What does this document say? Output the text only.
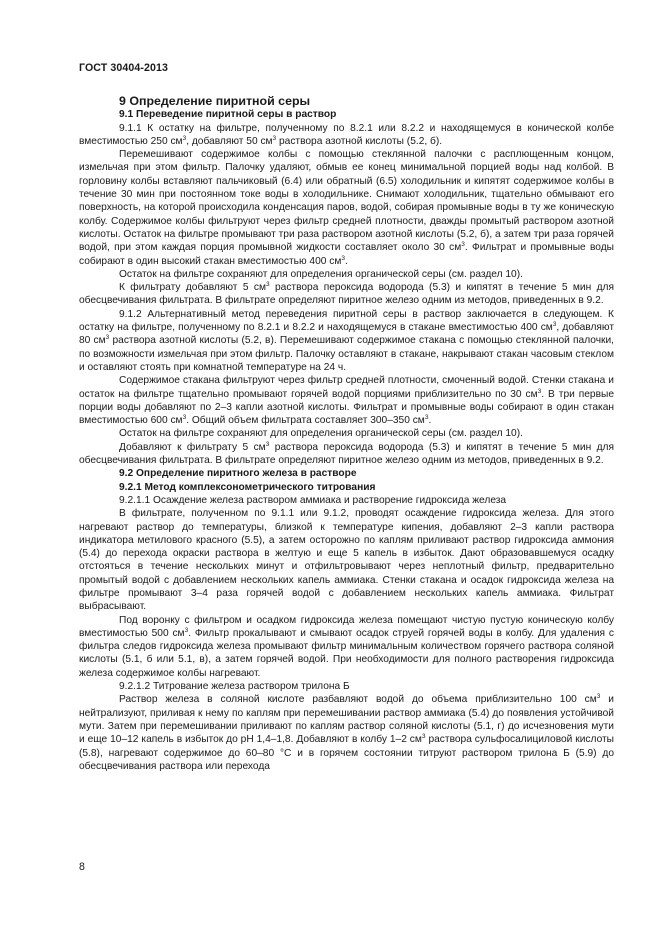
ГОСТ 30404-2013

9 Определение пиритной серы

9.1 Переведение пиритной серы в раствор

9.1.1 К остатку на фильтре, полученному по 8.2.1 или 8.2.2 и находящемуся в конической колбе вместимостью 250 $см^3$, добавляют 50 $см^3$ раствора азотной кислоты (5.2, б).

Перемешивают содержимое колбы с помощью стеклянной палочки с расплющенным концом, измельчая при этом фильтр. Палочку удаляют, обмыв ее конец минимальной порцией воды над колбой. В горловину колбы вставляют пальчиковый (6.4) или обратный (6.5) холодильник и кипятят содержимое колбы в течение 30 мин при постоянном токе воды в холодильнике. Снимают холодильник, тщательно обмывают его поверхность, на которой происходила конденсация паров, водой, собирая промывные воды в ту же коническую колбу. Содержимое колбы фильтруют через фильтр средней плотности, дважды промытый раствором азотной кислоты. Остаток на фильтре промывают три раза раствором азотной кислоты (5.2, б), а затем три раза горячей водой, при этом каждая порция промывной жидкости составляет около 30 $см^3$. Фильтрат и промывные воды собирают в один высокий стакан вместимостью 400 $см^3$.

Остаток на фильтре сохраняют для определения органической серы (см. раздел 10).

К фильтрату добавляют 5 $см^3$ раствора пероксида водорода (5.3) и кипятят в течение 5 мин для обесцвечивания фильтрата. В фильтрате определяют пиритное железо одним из методов, приведенных в 9.2.

9.1.2 Альтернативный метод переведения пиритной серы в раствор заключается в следующем. К остатку на фильтре, полученному по 8.2.1 и 8.2.2 и находящемуся в стакане вместимостью 400 $см^3$, добавляют 80 $см^3$ раствора азотной кислоты (5.2, в). Перемешивают содержимое стакана с помощью стеклянной палочки, по возможности измельчая при этом фильтр. Палочку оставляют в стакане, накрывают стакан часовым стеклом и оставляют стоять при комнатной температуре на 24 ч.

Содержимое стакана фильтруют через фильтр средней плотности, смоченный водой. Стенки стакана и остаток на фильтре тщательно промывают горячей водой порциями приблизительно по 30 $см^3$. В три первые порции воды добавляют по 2–3 капли азотной кислоты. Фильтрат и промывные воды собирают в один стакан вместимостью 600 $см^3$. Общий объем фильтрата составляет 300–350 $см^3$.

Остаток на фильтре сохраняют для определения органической серы (см. раздел 10).

Добавляют к фильтрату 5 $см^3$ раствора пероксида водорода (5.3) и кипятят в течение 5 мин для обесцвечивания фильтрата. В фильтрате определяют пиритное железо одним из методов, приведенных в 9.2.

9.2 Определение пиритного железа в растворе

9.2.1 Метод комплексонометрического титрования

9.2.1.1 Осаждение железа раствором аммиака и растворение гидроксида железа

В фильтрате, полученном по 9.1.1 или 9.1.2, проводят осаждение гидроксида железа. Для этого нагревают раствор до температуры, близкой к температуре кипения, добавляют 2–3 капли раствора индикатора метилового красного (5.5), а затем осторожно по каплям приливают раствор гидроксида аммония (5.4) до перехода окраски раствора в желтую и еще 5 капель в избыток. Дают образовавшемуся осадку отстояться в течение нескольких минут и отфильтровывают через неплотный фильтр, предварительно промытый водой с добавлением нескольких капель аммиака. Стенки стакана и осадок гидроксида железа на фильтре промывают 3–4 раза горячей водой с добавлением нескольких капель аммиака. Фильтрат выбрасывают.

Под воронку с фильтром и осадком гидроксида железа помещают чистую пустую коническую колбу вместимостью 500 $см^3$. Фильтр прокалывают и смывают осадок струей горячей воды в колбу. Для удаления с фильтра следов гидроксида железа промывают фильтр минимальным количеством горячего раствора соляной кислоты (5.1, б или 5.1, в), а затем горячей водой. При необходимости для полного растворения гидроксида железа содержимое колбы нагревают.

9.2.1.2 Титрование железа раствором трилона Б

Раствор железа в соляной кислоте разбавляют водой до объема приблизительно 100 $см^3$ и нейтрализуют, приливая к нему по каплям при перемешивании раствор аммиака (5.4) до появления устойчивой мути. Затем при перемешивании приливают по каплям раствор соляной кислоты (5.1, г) до исчезновения мути и еще 10–12 капель в избыток до рН 1,4–1,8. Добавляют в колбу 1–2 $см^3$ раствора сульфосалициловой кислоты (5.8), нагревают содержимое до 60–80 °С и в горячем состоянии титруют раствором трилона Б (5.9) до обесцвечивания раствора или перехода

8
